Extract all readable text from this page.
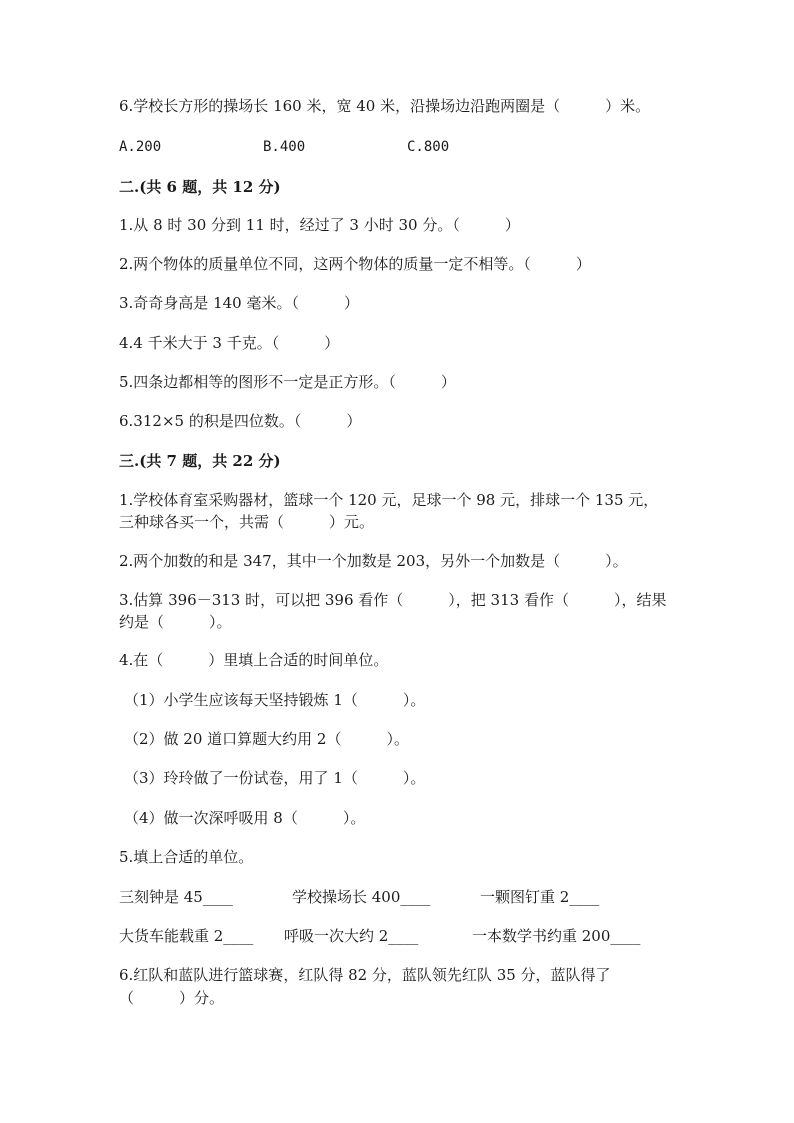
6.学校长方形的操场长 160 米，宽 40 米，沿操场边沿跑两圈是（　　　）米。
A.200	B.400	C.800
二.(共 6 题，共 12 分)
1.从 8 时 30 分到 11 时，经过了 3 小时 30 分。（　　　）
2.两个物体的质量单位不同，这两个物体的质量一定不相等。（　　　）
3.奇奇身高是 140 毫米。（　　　）
4.4 千米大于 3 千克。（　　　）
5.四条边都相等的图形不一定是正方形。（　　　）
6.312×5 的积是四位数。（　　　）
三.(共 7 题，共 22 分)
1.学校体育室采购器材，篮球一个 120 元，足球一个 98 元，排球一个 135 元，
三种球各买一个，共需（　　　）元。
2.两个加数的和是 347，其中一个加数是 203，另外一个加数是（　　　）。
3.估算 396－313 时，可以把 396 看作（　　　），把 313 看作（　　　），结果
约是（　　　）。
4.在（　　　）里填上合适的时间单位。
（1）小学生应该每天坚持锻炼 1（　　　）。
（2）做 20 道口算题大约用 2（　　　）。
（3）玲玲做了一份试卷，用了 1（　　　）。
（4）做一次深呼吸用 8（　　　）。
5.填上合适的单位。
三刻钟是 45____	学校操场长 400____	一颗图钉重 2____
大货车能载重 2____ 呼吸一次大约 2____	一本数学书约重 200____
6.红队和蓝队进行篮球赛，红队得 82 分，蓝队领先红队 35 分，蓝队得了
（　　　）分。
